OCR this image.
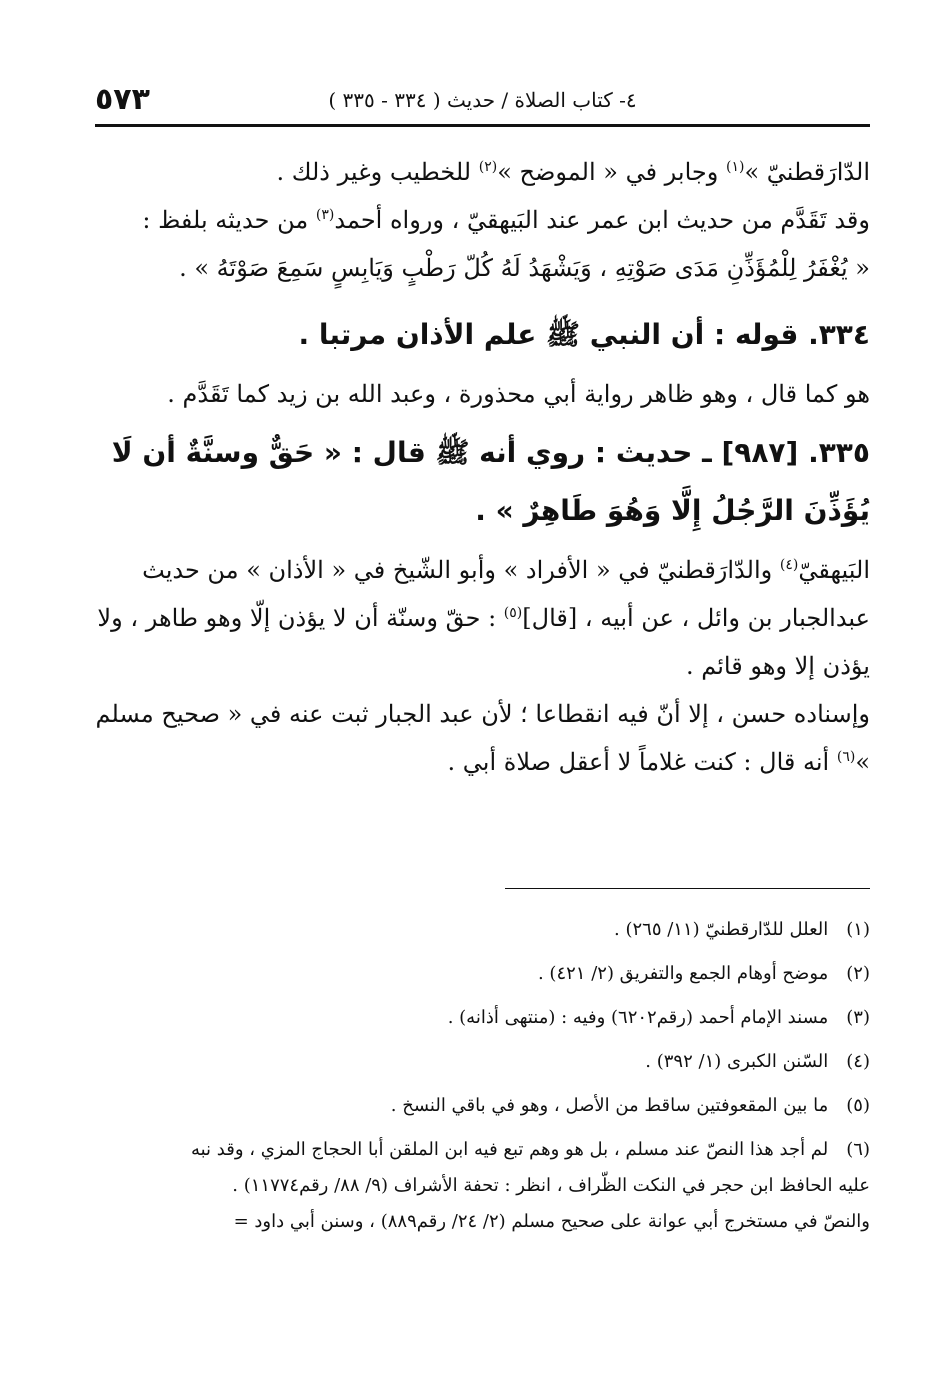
٥٧٣	٤- كتاب الصلاة / حديث ( ٣٣٤ - ٣٣٥ )

الدّارَقطنيّ »$^{(١)}$ وجابر في « الموضح »$^{(٢)}$ للخطيب وغير ذلك .

وقد تَقَدَّم من حديث ابن عمر عند البَيهقيّ ، ورواه أحمد$^{(٣)}$ من حديثه بلفظ :

« يُغْفَرُ لِلْمُؤَذِّنِ مَدَى صَوْتِهِ ، وَيَشْهَدُ لَهُ كُلّ رَطْبٍ وَيَابِسٍ سَمِعَ صَوْتَهُ » .

٣٣٤. قوله : أن النبي ﷺ علم الأذان مرتبا .

هو كما قال ، وهو ظاهر رواية أبي محذورة ، وعبد الله بن زيد كما تَقَدَّم .

٣٣٥. [٩٨٧] ـ حديث : روي أنه ﷺ قال : « حَقٌّ وسنَّةٌ أن لَا يُؤَذِّنَ الرَّجُلُ إِلَّا وَهُوَ طَاهِرٌ » .

البَيهقيّ$^{(٤)}$ والدّارَقطنيّ في « الأفراد » وأبو الشّيخ في « الأذان » من حديث عبدالجبار بن وائل ، عن أبيه ، [قال]$^{(٥)}$ : حقّ وسنّة أن لا يؤذن إلّا وهو طاهر ، ولا يؤذن إلا وهو قائم .

وإسناده حسن ، إلا أنّ فيه انقطاعا ؛ لأن عبد الجبار ثبت عنه في « صحيح مسلم »$^{(٦)}$ أنه قال : كنت غلاماً لا أعقل صلاة أبي .

(١) العلل للدّارقطنيّ (١١/ ٢٦٥) .

(٢) موضح أوهام الجمع والتفريق (٢/ ٤٢١) .

(٣) مسند الإمام أحمد (رقم٦٢٠٢) وفيه : (منتهى أذانه) .

(٤) السّنن الكبرى (١/ ٣٩٢) .

(٥) ما بين المقعوفتين ساقط من الأصل ، وهو في باقي النسخ .

(٦) لم أجد هذا النصّ عند مسلم ، بل هو وهم تبع فيه ابن الملقن أبا الحجاج المزي ، وقد نبه

عليه الحافظ ابن حجر في النكت الظّراف ، انظر : تحفة الأشراف (٩/ ٨٨/ رقم١١٧٧٤) .

والنصّ في مستخرج أبي عوانة على صحيح مسلم (٢/ ٢٤/ رقم٨٨٩) ، وسنن أبي داود =
